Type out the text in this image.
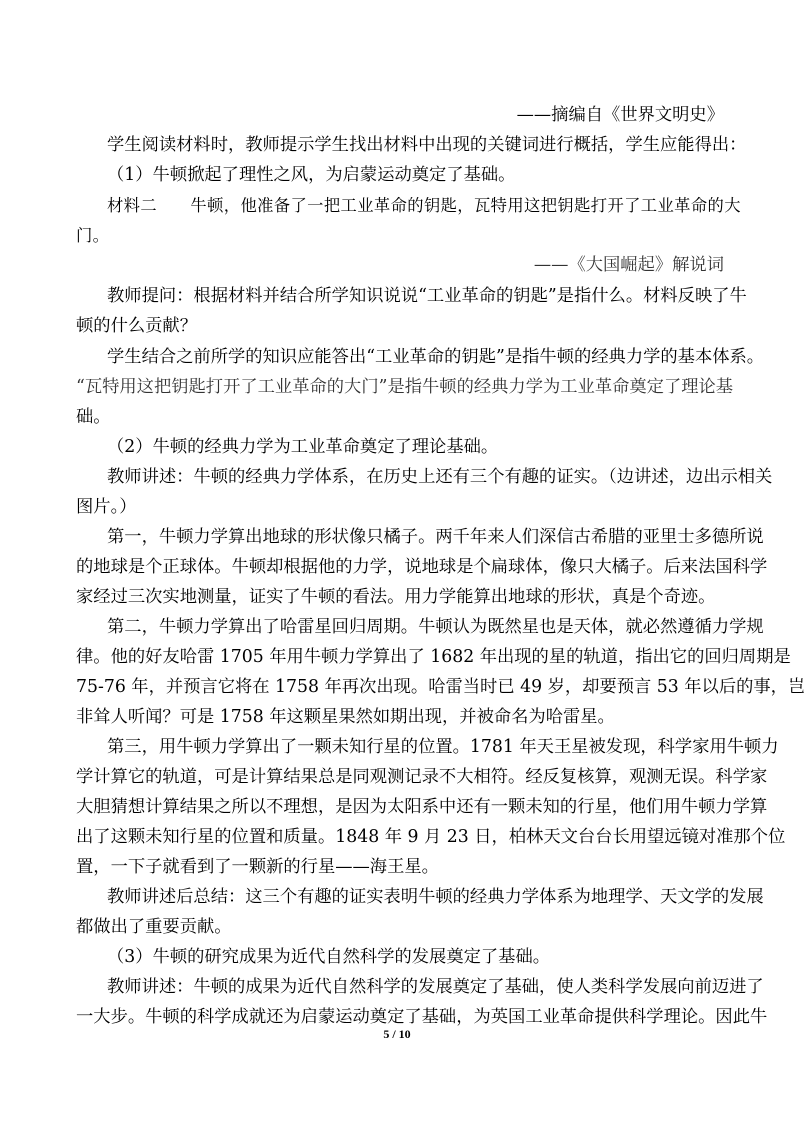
——摘编自《世界文明史》
学生阅读材料时，教师提示学生找出材料中出现的关键词进行概括，学生应能得出：
（1）牛顿掀起了理性之风，为启蒙运动奠定了基础。
材料二　　牛顿，他准备了一把工业革命的钥匙，瓦特用这把钥匙打开了工业革命的大
门。
——《大国崛起》解说词
教师提问：根据材料并结合所学知识说说“工业革命的钥匙”是指什么。材料反映了牛
顿的什么贡献？
学生结合之前所学的知识应能答出“工业革命的钥匙”是指牛顿的经典力学的基本体系。
“瓦特用这把钥匙打开了工业革命的大门”是指牛顿的经典力学为工业革命奠定了理论基
础。
（2）牛顿的经典力学为工业革命奠定了理论基础。
教师讲述：牛顿的经典力学体系，在历史上还有三个有趣的证实。（边讲述，边出示相关
图片。）
第一，牛顿力学算出地球的形状像只橘子。两千年来人们深信古希腊的亚里士多德所说
的地球是个正球体。牛顿却根据他的力学，说地球是个扁球体，像只大橘子。后来法国科学
家经过三次实地测量，证实了牛顿的看法。用力学能算出地球的形状，真是个奇迹。
第二，牛顿力学算出了哈雷星回归周期。牛顿认为既然星也是天体，就必然遵循力学规
律。他的好友哈雷 1705 年用牛顿力学算出了 1682 年出现的星的轨道，指出它的回归周期是
75-76 年，并预言它将在 1758 年再次出现。哈雷当时已 49 岁，却要预言 53 年以后的事，岂
非耸人听闻？可是 1758 年这颗星果然如期出现，并被命名为哈雷星。
第三，用牛顿力学算出了一颗未知行星的位置。1781 年天王星被发现，科学家用牛顿力
学计算它的轨道，可是计算结果总是同观测记录不大相符。经反复核算，观测无误。科学家
大胆猜想计算结果之所以不理想，是因为太阳系中还有一颗未知的行星，他们用牛顿力学算
出了这颗未知行星的位置和质量。1848 年 9 月 23 日，柏林天文台台长用望远镜对准那个位
置，一下子就看到了一颗新的行星——海王星。
教师讲述后总结：这三个有趣的证实表明牛顿的经典力学体系为地理学、天文学的发展
都做出了重要贡献。
（3）牛顿的研究成果为近代自然科学的发展奠定了基础。
教师讲述：牛顿的成果为近代自然科学的发展奠定了基础，使人类科学发展向前迈进了
一大步。牛顿的科学成就还为启蒙运动奠定了基础，为英国工业革命提供科学理论。因此牛
5 / 10
